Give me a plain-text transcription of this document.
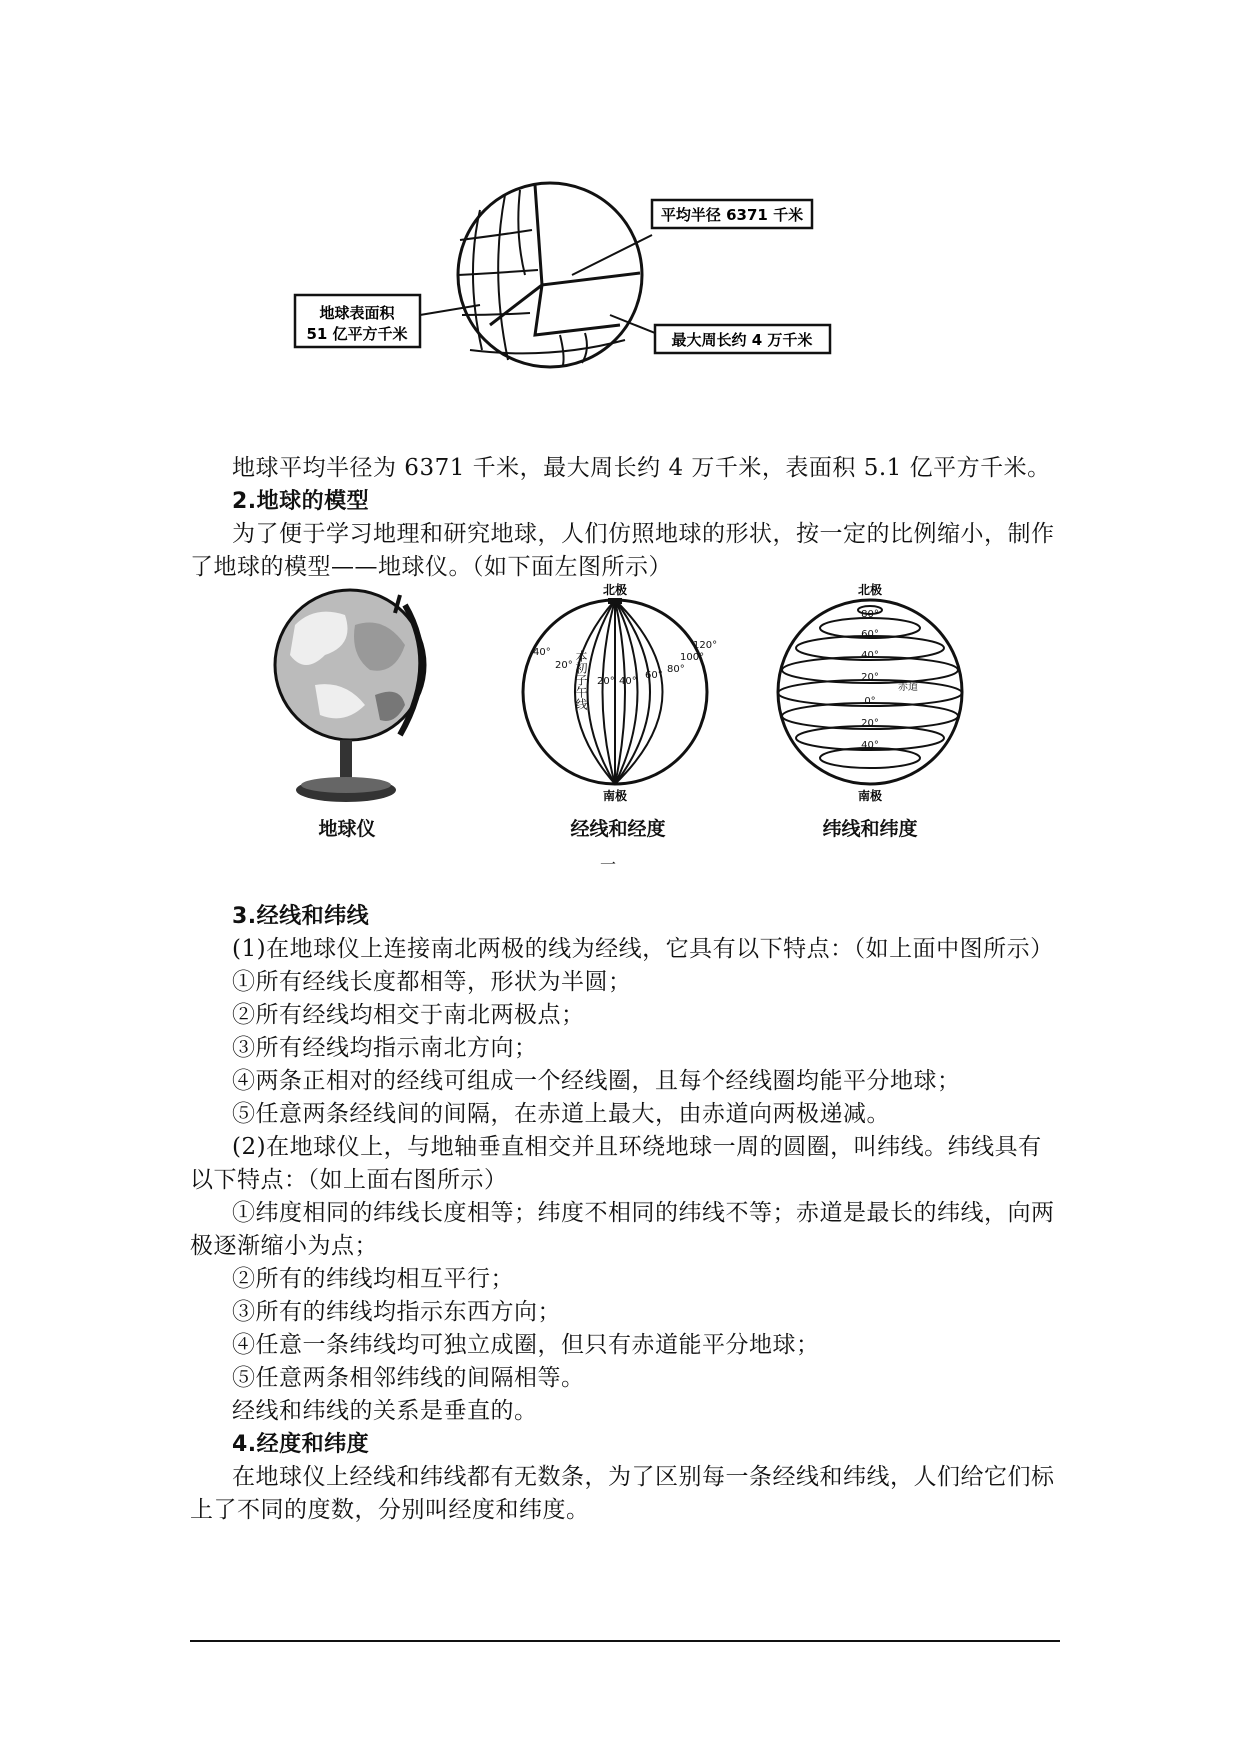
平均半径 6371 千米
地球表面积
51 亿平方千米	最大周长约 4 万千米
地球仪
北极
40°
20°
20° 40°
60°
80°
100°
120°
本初子午线
南极
经线和经度
北极
80°
60°
40°
20°
0°
赤道
20°
40°
南极
纬线和纬度
一

地球平均半径为 6371 千米，最大周长约 4 万千米，表面积 5.1 亿平方千米。

2.地球的模型

为了便于学习地理和研究地球，人们仿照地球的形状，按一定的比例缩小，制作了地球的模型——地球仪。（如下面左图所示）

3.经线和纬线

(1)在地球仪上连接南北两极的线为经线，它具有以下特点：（如上面中图所示）

①所有经线长度都相等，形状为半圆；

②所有经线均相交于南北两极点；

③所有经线均指示南北方向；

④两条正相对的经线可组成一个经线圈，且每个经线圈均能平分地球；

⑤任意两条经线间的间隔，在赤道上最大，由赤道向两极递减。

(2)在地球仪上，与地轴垂直相交并且环绕地球一周的圆圈，叫纬线。纬线具有以下特点：（如上面右图所示）

①纬度相同的纬线长度相等；纬度不相同的纬线不等；赤道是最长的纬线，向两极逐渐缩小为点；

②所有的纬线均相互平行；

③所有的纬线均指示东西方向；

④任意一条纬线均可独立成圈，但只有赤道能平分地球；

⑤任意两条相邻纬线的间隔相等。

经线和纬线的关系是垂直的。

4.经度和纬度

在地球仪上经线和纬线都有无数条，为了区别每一条经线和纬线，人们给它们标上了不同的度数，分别叫经度和纬度。
